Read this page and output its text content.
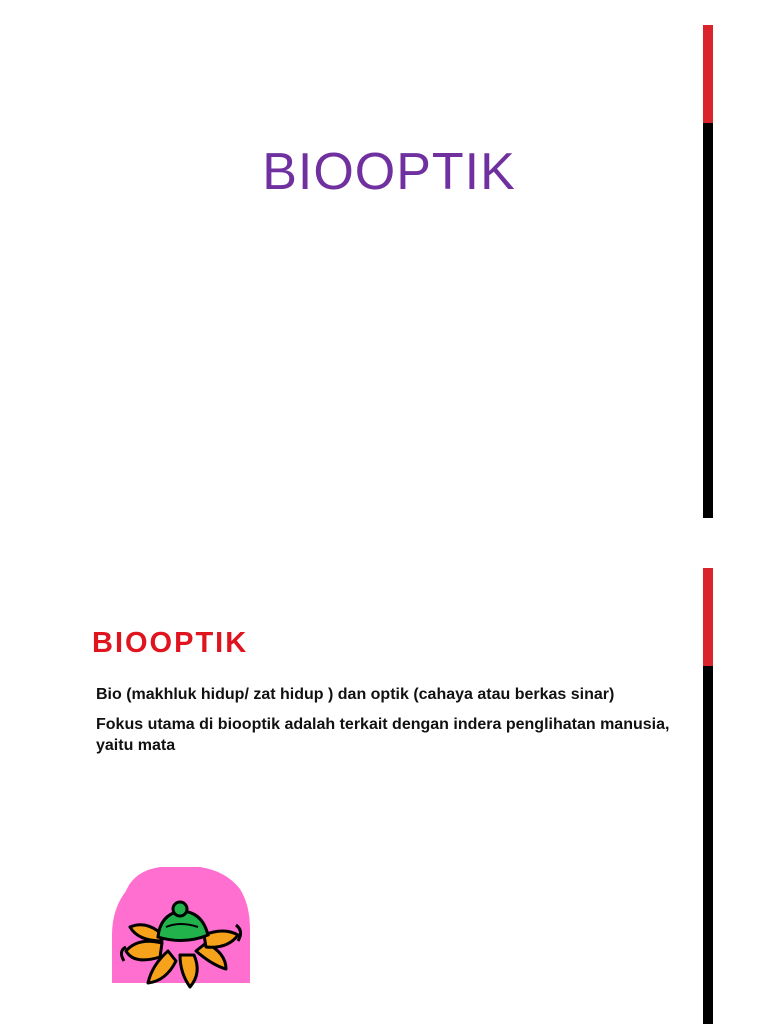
BIOOPTIK
BIOOPTIK
Bio (makhluk hidup/ zat hidup ) dan optik (cahaya atau berkas sinar)
Fokus utama di biooptik adalah terkait dengan indera penglihatan manusia, yaitu mata
